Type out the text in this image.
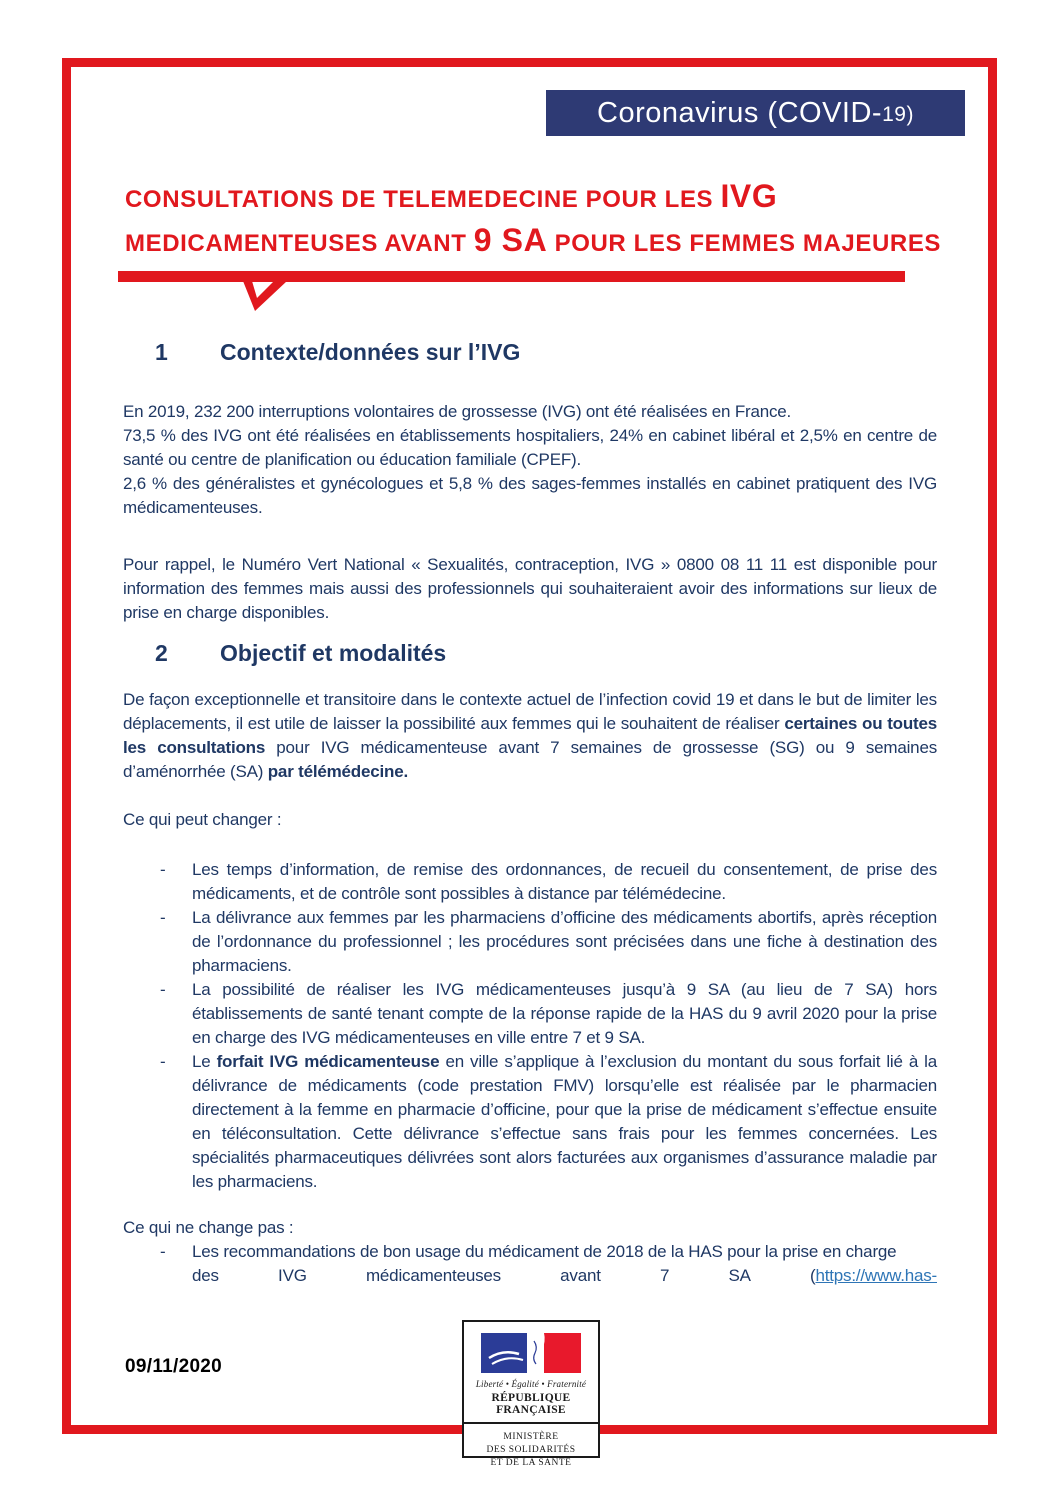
Coronavirus (COVID- 19)
CONSULTATIONS DE TELEMEDECINE POUR LES IVG
MEDICAMENTEUSES AVANT 9 SA POUR LES FEMMES MAJEURES
1	Contexte/données sur l’IVG

En 2019, 232 200 interruptions volontaires de grossesse (IVG) ont été réalisées en France.

73,5 % des IVG ont été réalisées en établissements hospitaliers, 24% en cabinet libéral et 2,5% en centre de santé ou centre de planification ou éducation familiale (CPEF).

2,6 % des généralistes et gynécologues et 5,8 % des sages-femmes installés en cabinet pratiquent des IVG médicamenteuses.

Pour rappel, le Numéro Vert National « Sexualités, contraception, IVG » 0800 08 11 11 est disponible pour information des femmes mais aussi des professionnels qui souhaiteraient avoir des informations sur lieux de prise en charge disponibles.

2	Objectif et modalités

De façon exceptionnelle et transitoire dans le contexte actuel de l’infection covid 19 et dans le but de limiter les déplacements, il est utile de laisser la possibilité aux femmes qui le souhaitent de réaliser certaines ou toutes les consultations pour IVG médicamenteuse avant 7 semaines de grossesse (SG) ou 9 semaines d’aménorrhée (SA) par télémédecine.

Ce qui peut changer :

-	Les temps d’information, de remise des ordonnances, de recueil du consentement, de prise des médicaments, et de contrôle sont possibles à distance par télémédecine.
-	La délivrance aux femmes par les pharmaciens d’officine des médicaments abortifs, après réception de l’ordonnance du professionnel ; les procédures sont précisées dans une fiche à destination des pharmaciens.
-	La possibilité de réaliser les IVG médicamenteuses jusqu’à 9 SA (au lieu de 7 SA) hors établissements de santé tenant compte de la réponse rapide de la HAS du 9 avril 2020 pour la prise en charge des IVG médicamenteuses en ville entre 7 et 9 SA.
-	Le forfait IVG médicamenteuse en ville s’applique à l’exclusion du montant du sous forfait lié à la délivrance de médicaments (code prestation FMV) lorsqu’elle est réalisée par le pharmacien directement à la femme en pharmacie d’officine, pour que la prise de médicament s’effectue ensuite en téléconsultation. Cette délivrance s’effectue sans frais pour les femmes concernées. Les spécialités pharmaceutiques délivrées sont alors facturées aux organismes d’assurance maladie par les pharmaciens.

Ce qui ne change pas :

-	Les recommandations de bon usage du médicament de 2018 de la HAS pour la prise en charge
des	IVG	médicamenteuses	avant	7	SA	(https://www.has-
09/11/2020
Liberté • Égalité • Fraternité
RÉPUBLIQUE FRANÇAISE
MINISTÈRE
DES SOLIDARITÉS
ET DE LA SANTÉ
